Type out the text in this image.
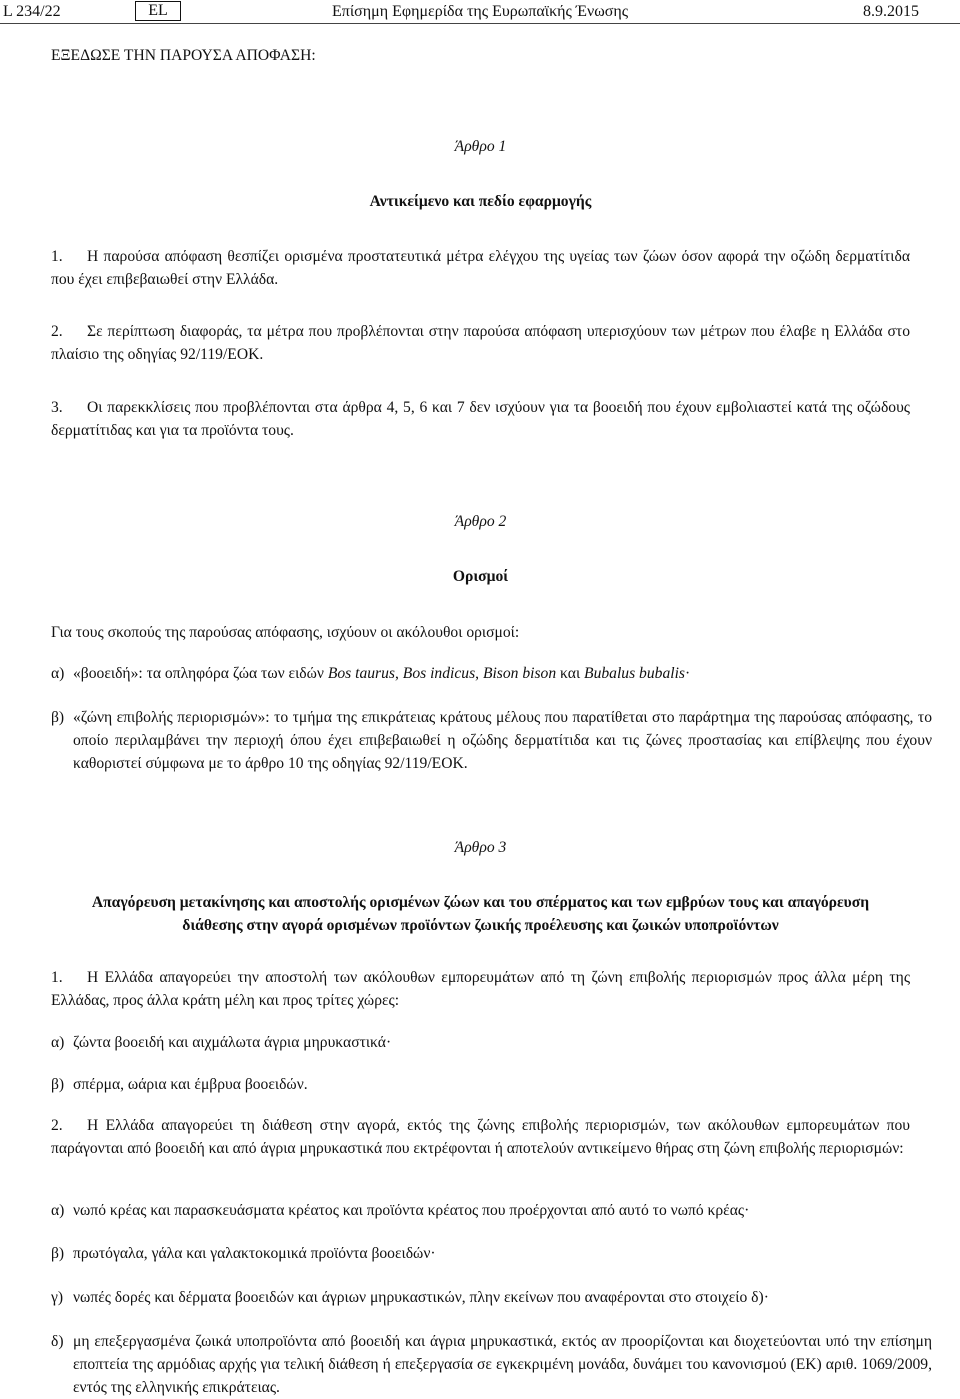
L 234/22	EL	Επίσημη Εφημερίδα της Ευρωπαϊκής Ένωσης	8.9.2015
ΕΞΕΔΩΣΕ ΤΗΝ ΠΑΡΟΥΣΑ ΑΠΟΦΑΣΗ:
Άρθρο 1
Αντικείμενο και πεδίο εφαρμογής
1. Η παρούσα απόφαση θεσπίζει ορισμένα προστατευτικά μέτρα ελέγχου της υγείας των ζώων όσον αφορά την οζώδη δερματίτιδα που έχει επιβεβαιωθεί στην Ελλάδα.
2. Σε περίπτωση διαφοράς, τα μέτρα που προβλέπονται στην παρούσα απόφαση υπερισχύουν των μέτρων που έλαβε η Ελλάδα στο πλαίσιο της οδηγίας 92/119/ΕΟΚ.
3. Οι παρεκκλίσεις που προβλέπονται στα άρθρα 4, 5, 6 και 7 δεν ισχύουν για τα βοοειδή που έχουν εμβολιαστεί κατά της οζώδους δερματίτιδας και για τα προϊόντα τους.
Άρθρο 2
Ορισμοί
Για τους σκοπούς της παρούσας απόφασης, ισχύουν οι ακόλουθοι ορισμοί:
α) «βοοειδή»: τα οπληφόρα ζώα των ειδών Bos taurus, Bos indicus, Bison bison και Bubalus bubalis·
β) «ζώνη επιβολής περιορισμών»: το τμήμα της επικράτειας κράτους μέλους που παρατίθεται στο παράρτημα της παρούσας απόφασης, το οποίο περιλαμβάνει την περιοχή όπου έχει επιβεβαιωθεί η οζώδης δερματίτιδα και τις ζώνες προστασίας και επίβλεψης που έχουν καθοριστεί σύμφωνα με το άρθρο 10 της οδηγίας 92/119/ΕΟΚ.
Άρθρο 3
Απαγόρευση μετακίνησης και αποστολής ορισμένων ζώων και του σπέρματος και των εμβρύων τους και απαγόρευση
διάθεσης στην αγορά ορισμένων προϊόντων ζωικής προέλευσης και ζωικών υποπροϊόντων
1. Η Ελλάδα απαγορεύει την αποστολή των ακόλουθων εμπορευμάτων από τη ζώνη επιβολής περιορισμών προς άλλα μέρη της Ελλάδας, προς άλλα κράτη μέλη και προς τρίτες χώρες:
α) ζώντα βοοειδή και αιχμάλωτα άγρια μηρυκαστικά·
β) σπέρμα, ωάρια και έμβρυα βοοειδών.
2. Η Ελλάδα απαγορεύει τη διάθεση στην αγορά, εκτός της ζώνης επιβολής περιορισμών, των ακόλουθων εμπορευμάτων που παράγονται από βοοειδή και από άγρια μηρυκαστικά που εκτρέφονται ή αποτελούν αντικείμενο θήρας στη ζώνη επιβολής περιορισμών:
α) νωπό κρέας και παρασκευάσματα κρέατος και προϊόντα κρέατος που προέρχονται από αυτό το νωπό κρέας·
β) πρωτόγαλα, γάλα και γαλακτοκομικά προϊόντα βοοειδών·
γ) νωπές δορές και δέρματα βοοειδών και άγριων μηρυκαστικών, πλην εκείνων που αναφέρονται στο στοιχείο δ)·
δ) μη επεξεργασμένα ζωικά υποπροϊόντα από βοοειδή και άγρια μηρυκαστικά, εκτός αν προορίζονται και διοχετεύονται υπό την επίσημη εποπτεία της αρμόδιας αρχής για τελική διάθεση ή επεξεργασία σε εγκεκριμένη μονάδα, δυνάμει του κανονισμού (ΕΚ) αριθ. 1069/2009, εντός της ελληνικής επικράτειας.
